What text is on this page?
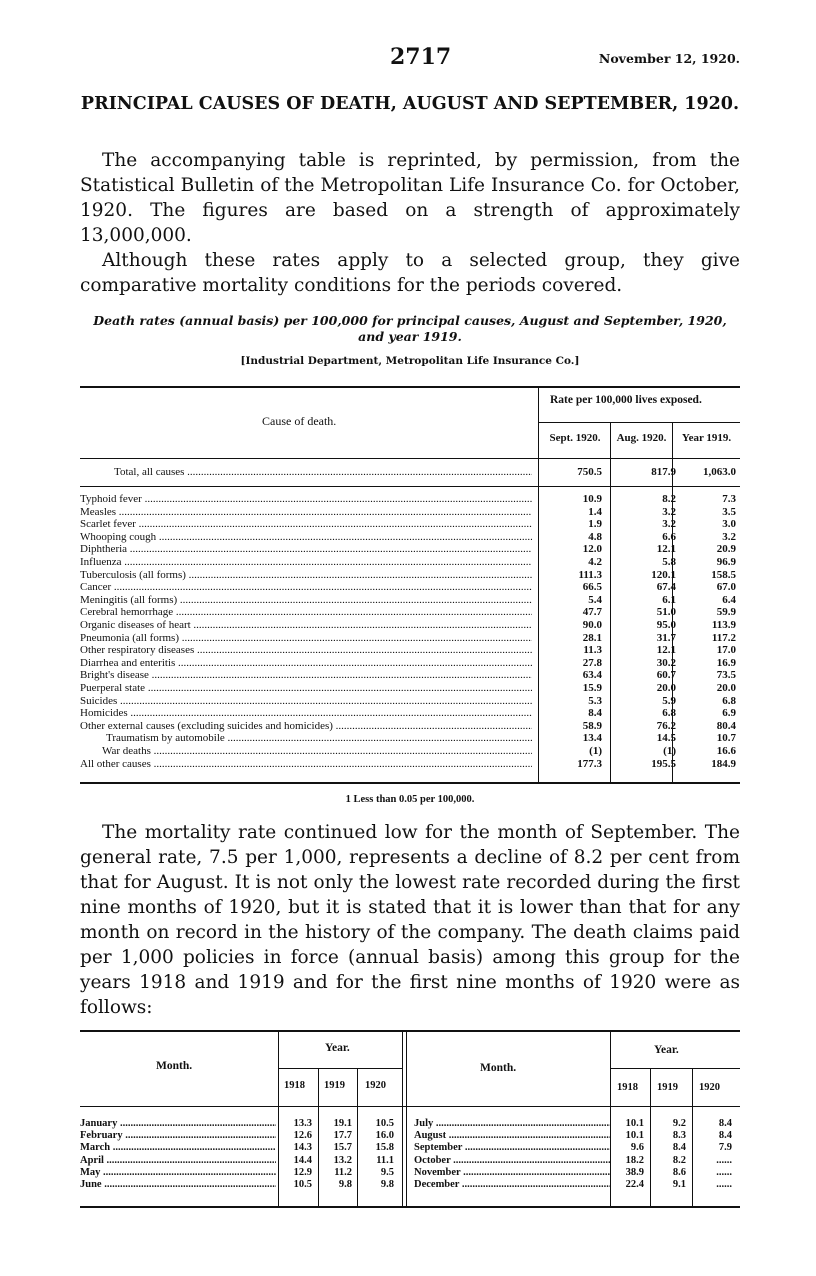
2717	November 12, 1920.
PRINCIPAL CAUSES OF DEATH, AUGUST AND SEPTEMBER, 1920.
The accompanying table is reprinted, by permission, from the Statistical Bulletin of the Metropolitan Life Insurance Co. for October, 1920. The figures are based on a strength of approximately 13,000,000.
Although these rates apply to a selected group, they give comparative mortality conditions for the periods covered.
Death rates (annual basis) per 100,000 for principal causes, August and September, 1920, and year 1919.
[Industrial Department, Metropolitan Life Insurance Co.]
Cause of death.
Rate per 100,000 lives exposed.
Sept. 1920.	Aug. 1920.	Year 1919.
Total, all causes .....	750.5	817.9	1,063.0
Typhoid fever .....	10.9	8.2	7.3
Measles .....	1.4	3.2	3.5
Scarlet fever .....	1.9	3.2	3.0
Whooping cough .....	4.8	6.6	3.2
Diphtheria .....	12.0	12.1	20.9
Influenza .....	4.2	5.8	96.9
Tuberculosis (all forms) .....	111.3	120.1	158.5
Cancer .....	66.5	67.4	67.0
Meningitis (all forms) .....	5.4	6.1	6.4
Cerebral hemorrhage .....	47.7	51.0	59.9
Organic diseases of heart .....	90.0	95.0	113.9
Pneumonia (all forms) .....	28.1	31.7	117.2
Other respiratory diseases .....	11.3	12.1	17.0
Diarrhea and enteritis .....	27.8	30.2	16.9
Bright's disease .....	63.4	60.7	73.5
Puerperal state .....	15.9	20.0	20.0
Suicides .....	5.3	5.9	6.8
Homicides .....	8.4	6.8	6.9
Other external causes (excluding suicides and homicides) .....	58.9	76.2	80.4
Traumatism by automobile .....	13.4	14.5	10.7
War deaths .....	(1)	(1)	16.6
All other causes .....	177.3	195.5	184.9
1 Less than 0.05 per 100,000.
The mortality rate continued low for the month of September. The general rate, 7.5 per 1,000, represents a decline of 8.2 per cent from that for August. It is not only the lowest rate recorded during the first nine months of 1920, but it is stated that it is lower than that for any month on record in the history of the company. The death claims paid per 1,000 policies in force (annual basis) among this group for the years 1918 and 1919 and for the first nine months of 1920 were as follows:
Month.
Year.
Month.
Year.
1918 1919 1920	1918 1919 1920
January .....	13.3	19.1	10.5
February .....	12.6	17.7	16.0
March .....	14.3	15.7	15.8
April .....	14.4	13.2	11.1
May .....	12.9	11.2	9.5
June .....	10.5	9.8	9.8
July .....	10.1	9.2	8.4
August .....	10.1	8.3	8.4
September .....	9.6	8.4	7.9
October .....	18.2	8.2	......
November .....	38.9	8.6	......
December .....	22.4	9.1	......
